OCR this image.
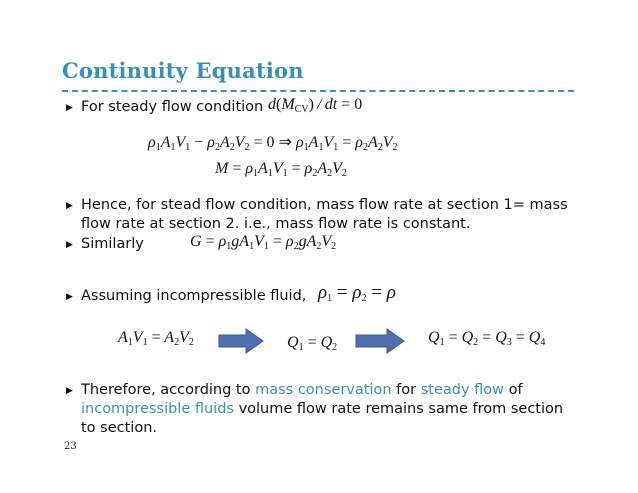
Continuity Equation
▶ For steady flow condition $d(M_{CV})$ / dt = 0
$\rho_1A_1V_1 - \rho_2A_2V_2 = 0$ ⇒ $\rho_1A_1V_1 = \rho_2A_2V_2$
$M = \rho_1A_1V_1 = \rho_2A_2V_2$
▶ Hence, for stead flow condition, mass flow rate at section 1= mass flow rate at section 2. i.e., mass flow rate is constant.
▶ Similarly	$G = \rho_1gA_1V_1 = \rho_2gA_2V_2$
▶ Assuming incompressible fluid, $\rho_1 = \rho_2 = \rho$
$A_1V_1 = A_2V_2$	$Q_1 = Q_2$
$Q_1 = Q_2 = Q_3 = Q_4$
▶ Therefore, according to mass conservation for steady flow of incompressible fluids volume flow rate remains same from section to section.
23
